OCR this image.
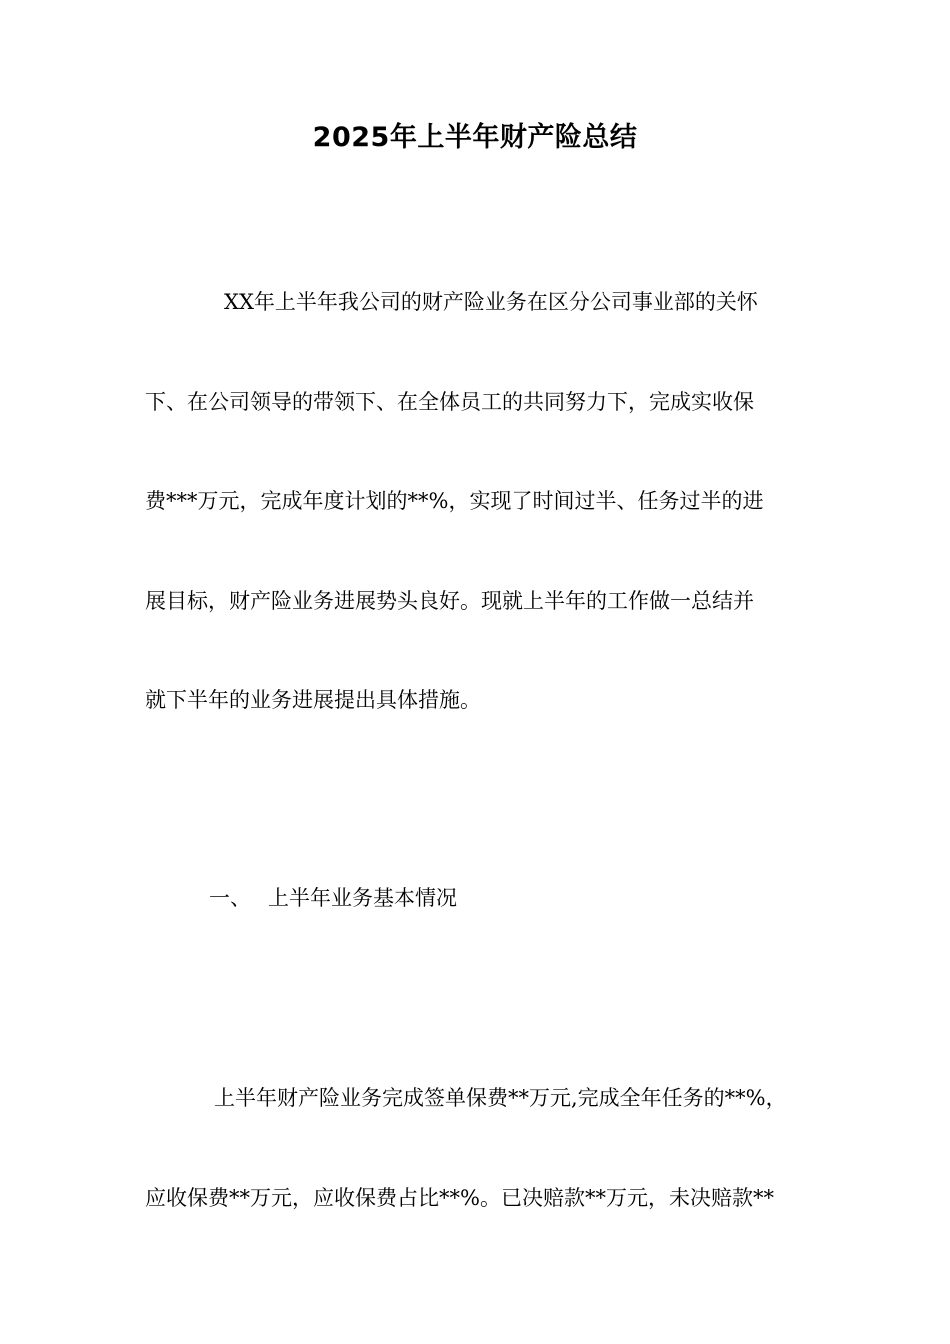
2025年上半年财产险总结
XX年上半年我公司的财产险业务在区分公司事业部的关怀
下、在公司领导的带领下、在全体员工的共同努力下，完成实收保
费***万元，完成年度计划的**%，实现了时间过半、任务过半的进
展目标，财产险业务进展势头良好。现就上半年的工作做一总结并
就下半年的业务进展提出具体措施。
一、 上半年业务基本情况
上半年财产险业务完成签单保费**万元,完成全年任务的**%，
应收保费**万元，应收保费占比**%。已决赔款**万元，未决赔款**
